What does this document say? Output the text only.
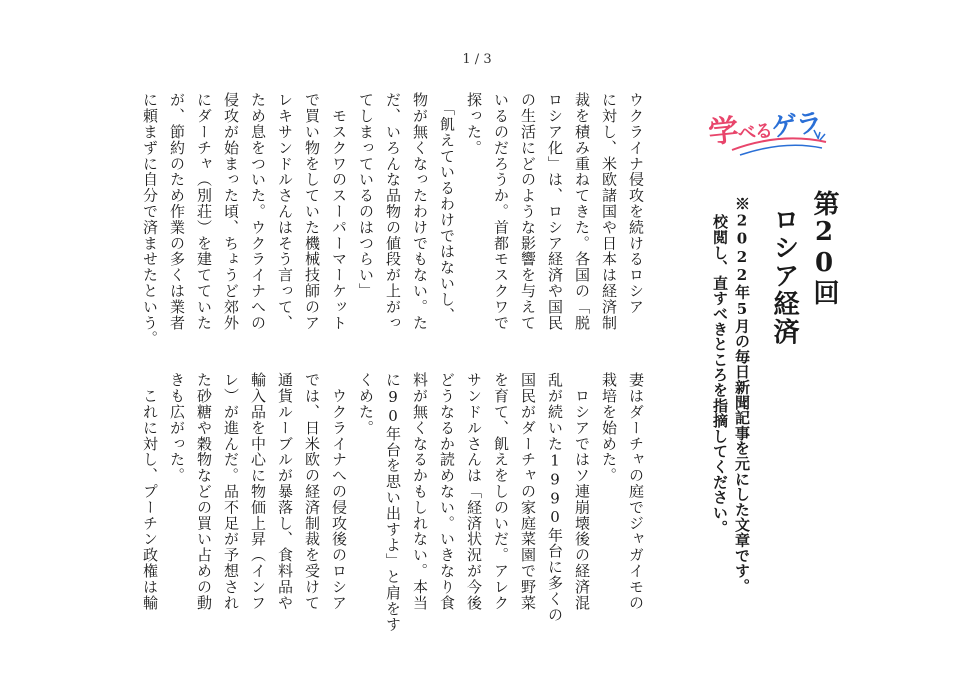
1 / 3
学べるゲラ
第20回
ロシア経済
※2022年5月の毎日新聞記事を元にした文章です。
校閲し、直すべきところを指摘してください。
ウクライナ侵攻を続けるロシア
に対し、米欧諸国や日本は経済制
裁を積み重ねてきた。各国の「脱
ロシア化」は、ロシア経済や国民
の生活にどのような影響を与えて
いるのだろうか。首都モスクワで
探った。
　「飢えているわけではないし、
物が無くなったわけでもない。た
だ、いろんな品物の値段が上がっ
てしまっているのはつらい」
　モスクワのスーパーマーケット
で買い物をしていた機械技師のア
レキサンドルさんはそう言って、
ため息をついた。ウクライナへの
侵攻が始まった頃、ちょうど郊外
にダーチャ（別荘）を建てていた
が、節約のため作業の多くは業者
に頼まずに自分で済ませたという。
妻はダーチャの庭でジャガイモの
栽培を始めた。
　ロシアではソ連崩壊後の経済混
乱が続いた1990年台に多くの
国民がダーチャの家庭菜園で野菜
を育て、飢えをしのいだ。アレク
サンドルさんは「経済状況が今後
どうなるか読めない。いきなり食
料が無くなるかもしれない。本当
に90年台を思い出すよ」と肩をす
くめた。
　ウクライナへの侵攻後のロシア
では、日米欧の経済制裁を受けて
通貨ルーブルが暴落し、食料品や
輸入品を中心に物価上昇（インフ
レ）が進んだ。品不足が予想され
た砂糖や穀物などの買い占めの動
きも広がった。
　これに対し、プーチン政権は輸
